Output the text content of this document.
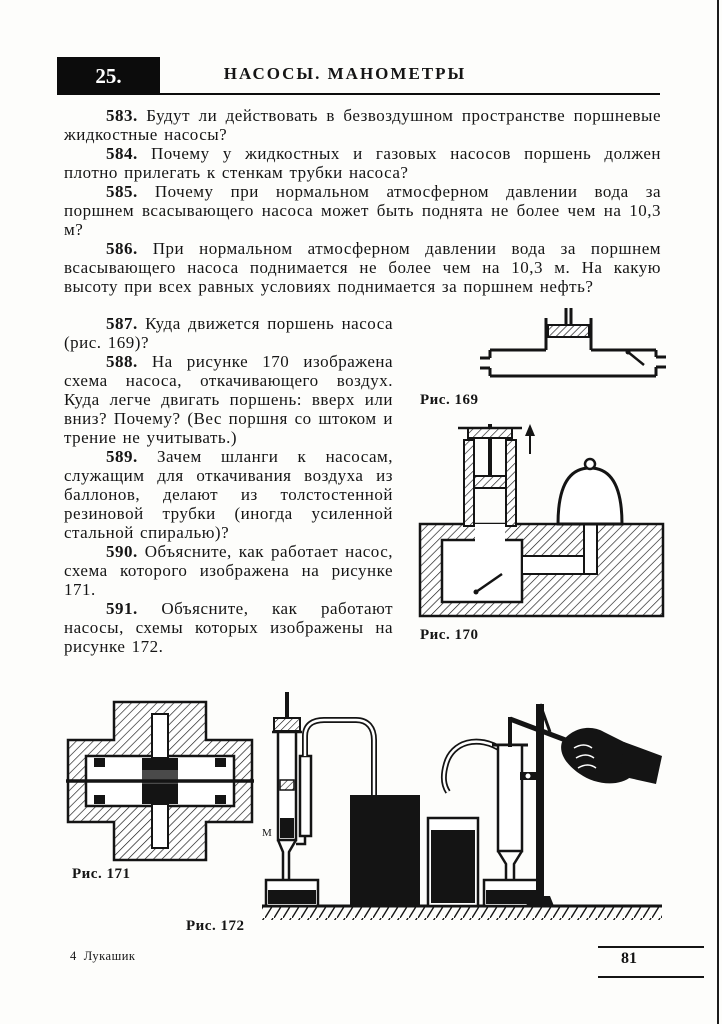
25.	НАСОСЫ. МАНОМЕТРЫ

583. Будут ли действовать в безвоздушном пространстве поршневые жидкостные насосы?

584. Почему у жидкостных и газовых насосов поршень должен плотно прилегать к стенкам трубки насоса?

585. Почему при нормальном атмосферном давлении вода за поршнем всасывающего насоса может быть поднята не более чем на 10,3 м?

586. При нормальном атмосферном давлении вода за поршнем всасывающего насоса поднимается не более чем на 10,3 м. На какую высоту при всех равных условиях поднимается за поршнем нефть?

587. Куда движется поршень насоса (рис. 169)?

588. На рисунке 170 изображена схема насоса, откачивающего воздух. Куда легче двигать поршень: вверх или вниз? Почему? (Вес поршня со штоком и трение не учитывать.)

589. Зачем шланги к насосам, служащим для откачивания воздуха из баллонов, делают из толстостенной резиновой трубки (иногда усиленной стальной спиралью)?

590. Объясните, как работает насос, схема которого изображена на рисунке 171.

591. Объясните, как работают насосы, схемы которых изображены на рисунке 172.

Рис. 169
Рис. 170
Рис. 171
М
Рис. 172
4 Лукашик	81
